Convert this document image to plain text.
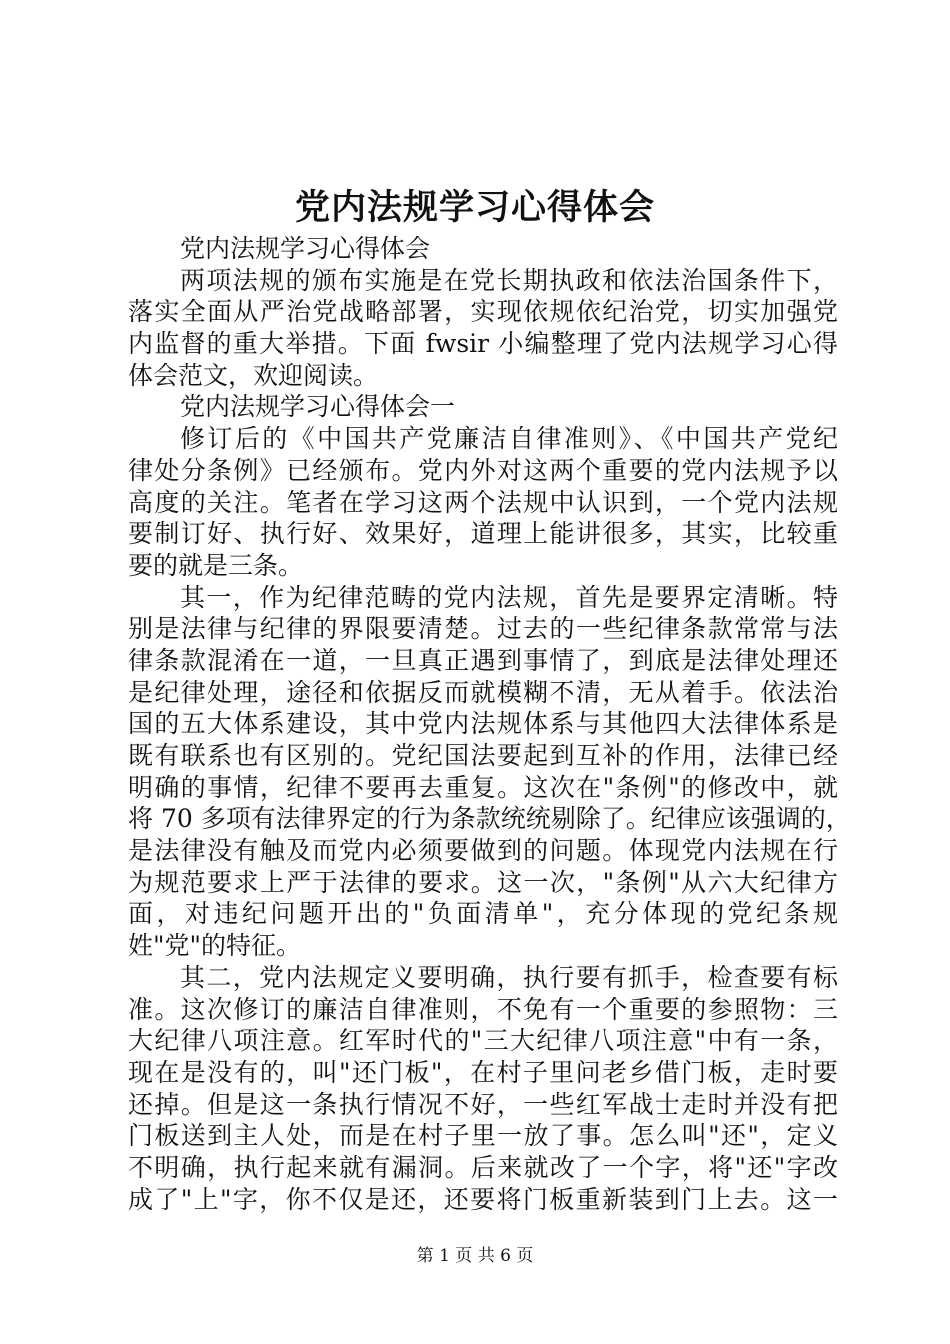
党内法规学习心得体会
党内法规学习心得体会
两项法规的颁布实施是在党长期执政和依法治国条件下，
落实全面从严治党战略部署，实现依规依纪治党，切实加强党
内监督的重大举措。下面 fwsir 小编整理了党内法规学习心得
体会范文，欢迎阅读。
党内法规学习心得体会一
修订后的《中国共产党廉洁自律准则》、《中国共产党纪
律处分条例》已经颁布。党内外对这两个重要的党内法规予以
高度的关注。笔者在学习这两个法规中认识到，一个党内法规
要制订好、执行好、效果好，道理上能讲很多，其实，比较重
要的就是三条。
其一，作为纪律范畴的党内法规，首先是要界定清晰。特
别是法律与纪律的界限要清楚。过去的一些纪律条款常常与法
律条款混淆在一道，一旦真正遇到事情了，到底是法律处理还
是纪律处理，途径和依据反而就模糊不清，无从着手。依法治
国的五大体系建设，其中党内法规体系与其他四大法律体系是
既有联系也有区别的。党纪国法要起到互补的作用，法律已经
明确的事情，纪律不要再去重复。这次在"条例"的修改中，就
将 70 多项有法律界定的行为条款统统剔除了。纪律应该强调的，
是法律没有触及而党内必须要做到的问题。体现党内法规在行
为规范要求上严于法律的要求。这一次，"条例"从六大纪律方
面，对违纪问题开出的"负面清单"，充分体现的党纪条规
姓"党"的特征。
其二，党内法规定义要明确，执行要有抓手，检查要有标
准。这次修订的廉洁自律准则，不免有一个重要的参照物：三
大纪律八项注意。红军时代的"三大纪律八项注意"中有一条，
现在是没有的，叫"还门板"，在村子里问老乡借门板，走时要
还掉。但是这一条执行情况不好，一些红军战士走时并没有把
门板送到主人处，而是在村子里一放了事。怎么叫"还"，定义
不明确，执行起来就有漏洞。后来就改了一个字，将"还"字改
成了"上"字，你不仅是还，还要将门板重新装到门上去。这一
第 1 页 共 6 页
